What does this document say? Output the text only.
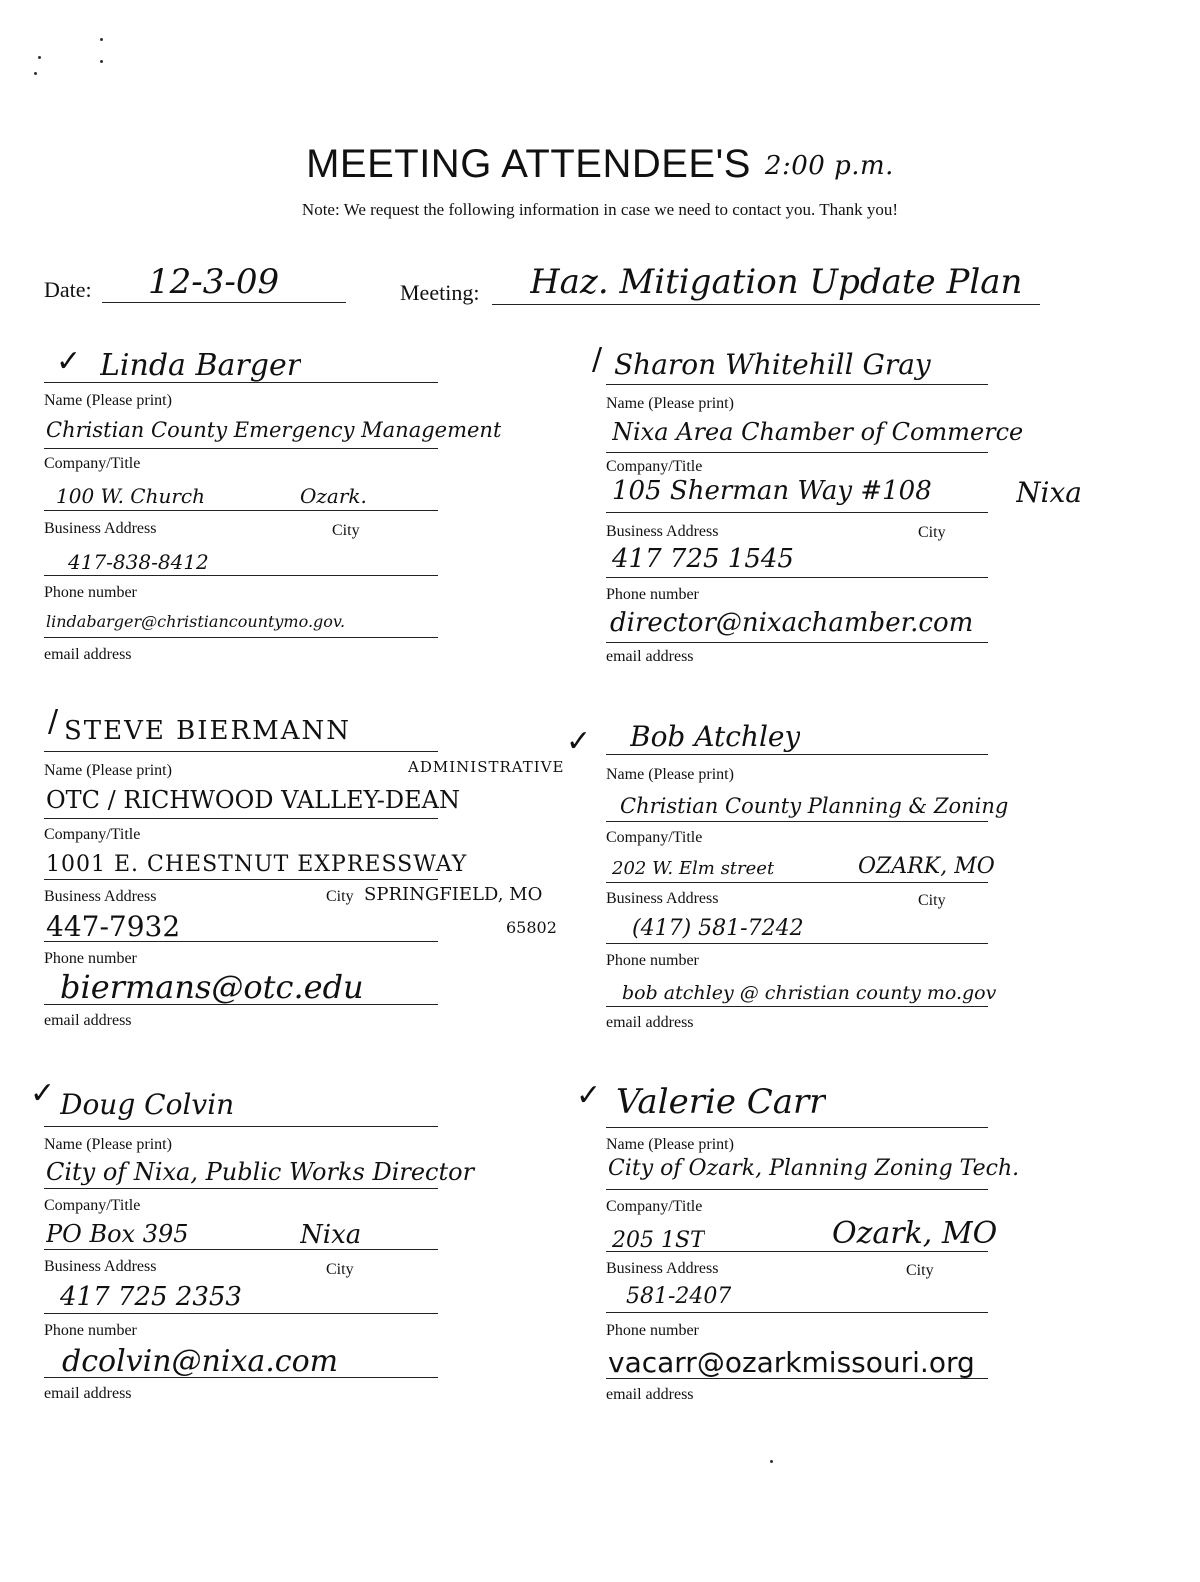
MEETING ATTENDEE'S 2:00 p.m.
Note: We request the following information in case we need to contact you. Thank you!
Date: 12-3-09	Meeting: Haz. Mitigation Update Plan
✓ Linda Barger
Name (Please print)
Christian County Emergency Management
Company/Title
100 W. Church	Ozark.
Business Address	City
417-838-8412
Phone number
lindabarger@christiancountymo.gov.
email address
/ Sharon Whitehill Gray
Name (Please print)
Nixa Area Chamber of Commerce
Company/Title
105 Sherman Way #108	Nixa
Business Address	City
417 725 1545
Phone number
director@nixachamber.com
email address
/ STEVE BIERMANN
Name (Please print)	ADMINISTRATIVE
OTC / RICHWOOD VALLEY-DEAN
Company/Title
1001 E. CHESTNUT EXPRESSWAY
Business Address	City SPRINGFIELD, MO
65802
447-7932
Phone number
biermans@otc.edu
email address
✓ Bob Atchley
Name (Please print)
Christian County Planning & Zoning
Company/Title
202 W. Elm street	OZARK, MO
Business Address	City
(417) 581-7242
Phone number
bob atchley @ christian county mo.gov
email address
✓ Doug Colvin
Name (Please print)
City of Nixa, Public Works Director
Company/Title
PO Box 395	Nixa
Business Address	City
417 725 2353
Phone number
dcolvin@nixa.com
email address
✓ Valerie Carr
Name (Please print)
City of Ozark, Planning Zoning Tech.
Company/Title
205 1ST	Ozark, MO
Business Address	City
581-2407
Phone number
vacarr@ozarkmissouri.org
email address
